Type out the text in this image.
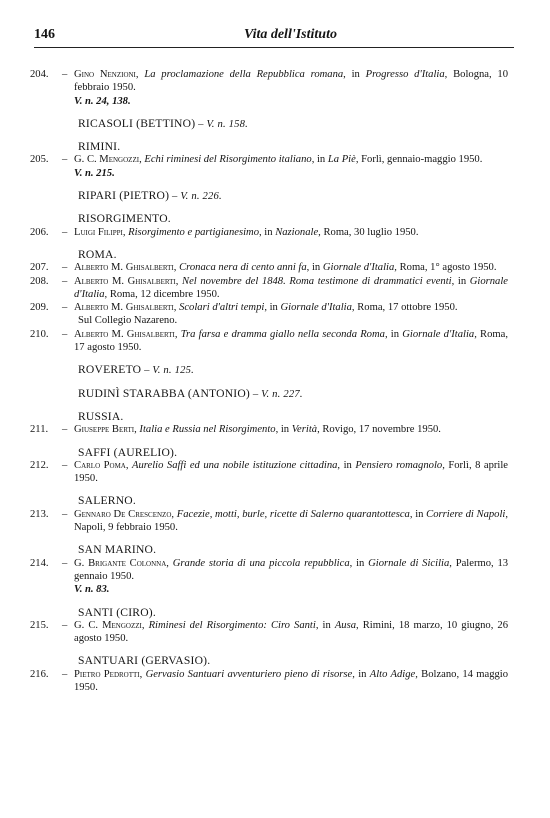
146	Vita dell'Istituto
204.	– Gino Nenzioni, La proclamazione della Repubblica romana, in Progresso d'Italia, Bologna, 10 febbraio 1950.
V. n. 24, 138.
RICASOLI (BETTINO) – V. n. 158.
RIMINI.
205.	– G. C. Mengozzi, Echi riminesi del Risorgimento italiano, in La Piè, Forlì, gennaio-maggio 1950.
V. n. 215.
RIPARI (PIETRO) – V. n. 226.
RISORGIMENTO.
206.	– Luigi Filippi, Risorgimento e partigianesimo, in Nazionale, Roma, 30 luglio 1950.
ROMA.
207.	– Alberto M. Ghisalberti, Cronaca nera di cento anni fa, in Giornale d'Italia, Roma, 1° agosto 1950.
208.	– Alberto M. Ghisalberti, Nel novembre del 1848. Roma testimone di drammatici eventi, in Giornale d'Italia, Roma, 12 dicembre 1950.
209.	– Alberto M. Ghisalberti, Scolari d'altri tempi, in Giornale d'Italia, Roma, 17 ottobre 1950.
Sul Collegio Nazareno.
210.	– Alberto M. Ghisalberti, Tra farsa e dramma giallo nella seconda Roma, in Giornale d'Italia, Roma, 17 agosto 1950.
ROVERETO – V. n. 125.
RUDINÌ STARABBA (ANTONIO) – V. n. 227.
RUSSIA.
211.	– Giuseppe Berti, Italia e Russia nel Risorgimento, in Verità, Rovigo, 17 novembre 1950.
SAFFI (AURELIO).
212.	– Carlo Poma, Aurelio Saffi ed una nobile istituzione cittadina, in Pensiero romagnolo, Forlì, 8 aprile 1950.
SALERNO.
213.	– Gennaro De Crescenzo, Facezie, motti, burle, ricette di Salerno quarantottesca, in Corriere di Napoli, Napoli, 9 febbraio 1950.
SAN MARINO.
214.	– G. Brigante Colonna, Grande storia di una piccola repubblica, in Giornale di Sicilia, Palermo, 13 gennaio 1950.
V. n. 83.
SANTI (CIRO).
215.	– G. C. Mengozzi, Riminesi del Risorgimento: Ciro Santi, in Ausa, Rimini, 18 marzo, 10 giugno, 26 agosto 1950.
SANTUARI (GERVASIO).
216.	– Pietro Pedrotti, Gervasio Santuari avventuriero pieno di risorse, in Alto Adige, Bolzano, 14 maggio 1950.
